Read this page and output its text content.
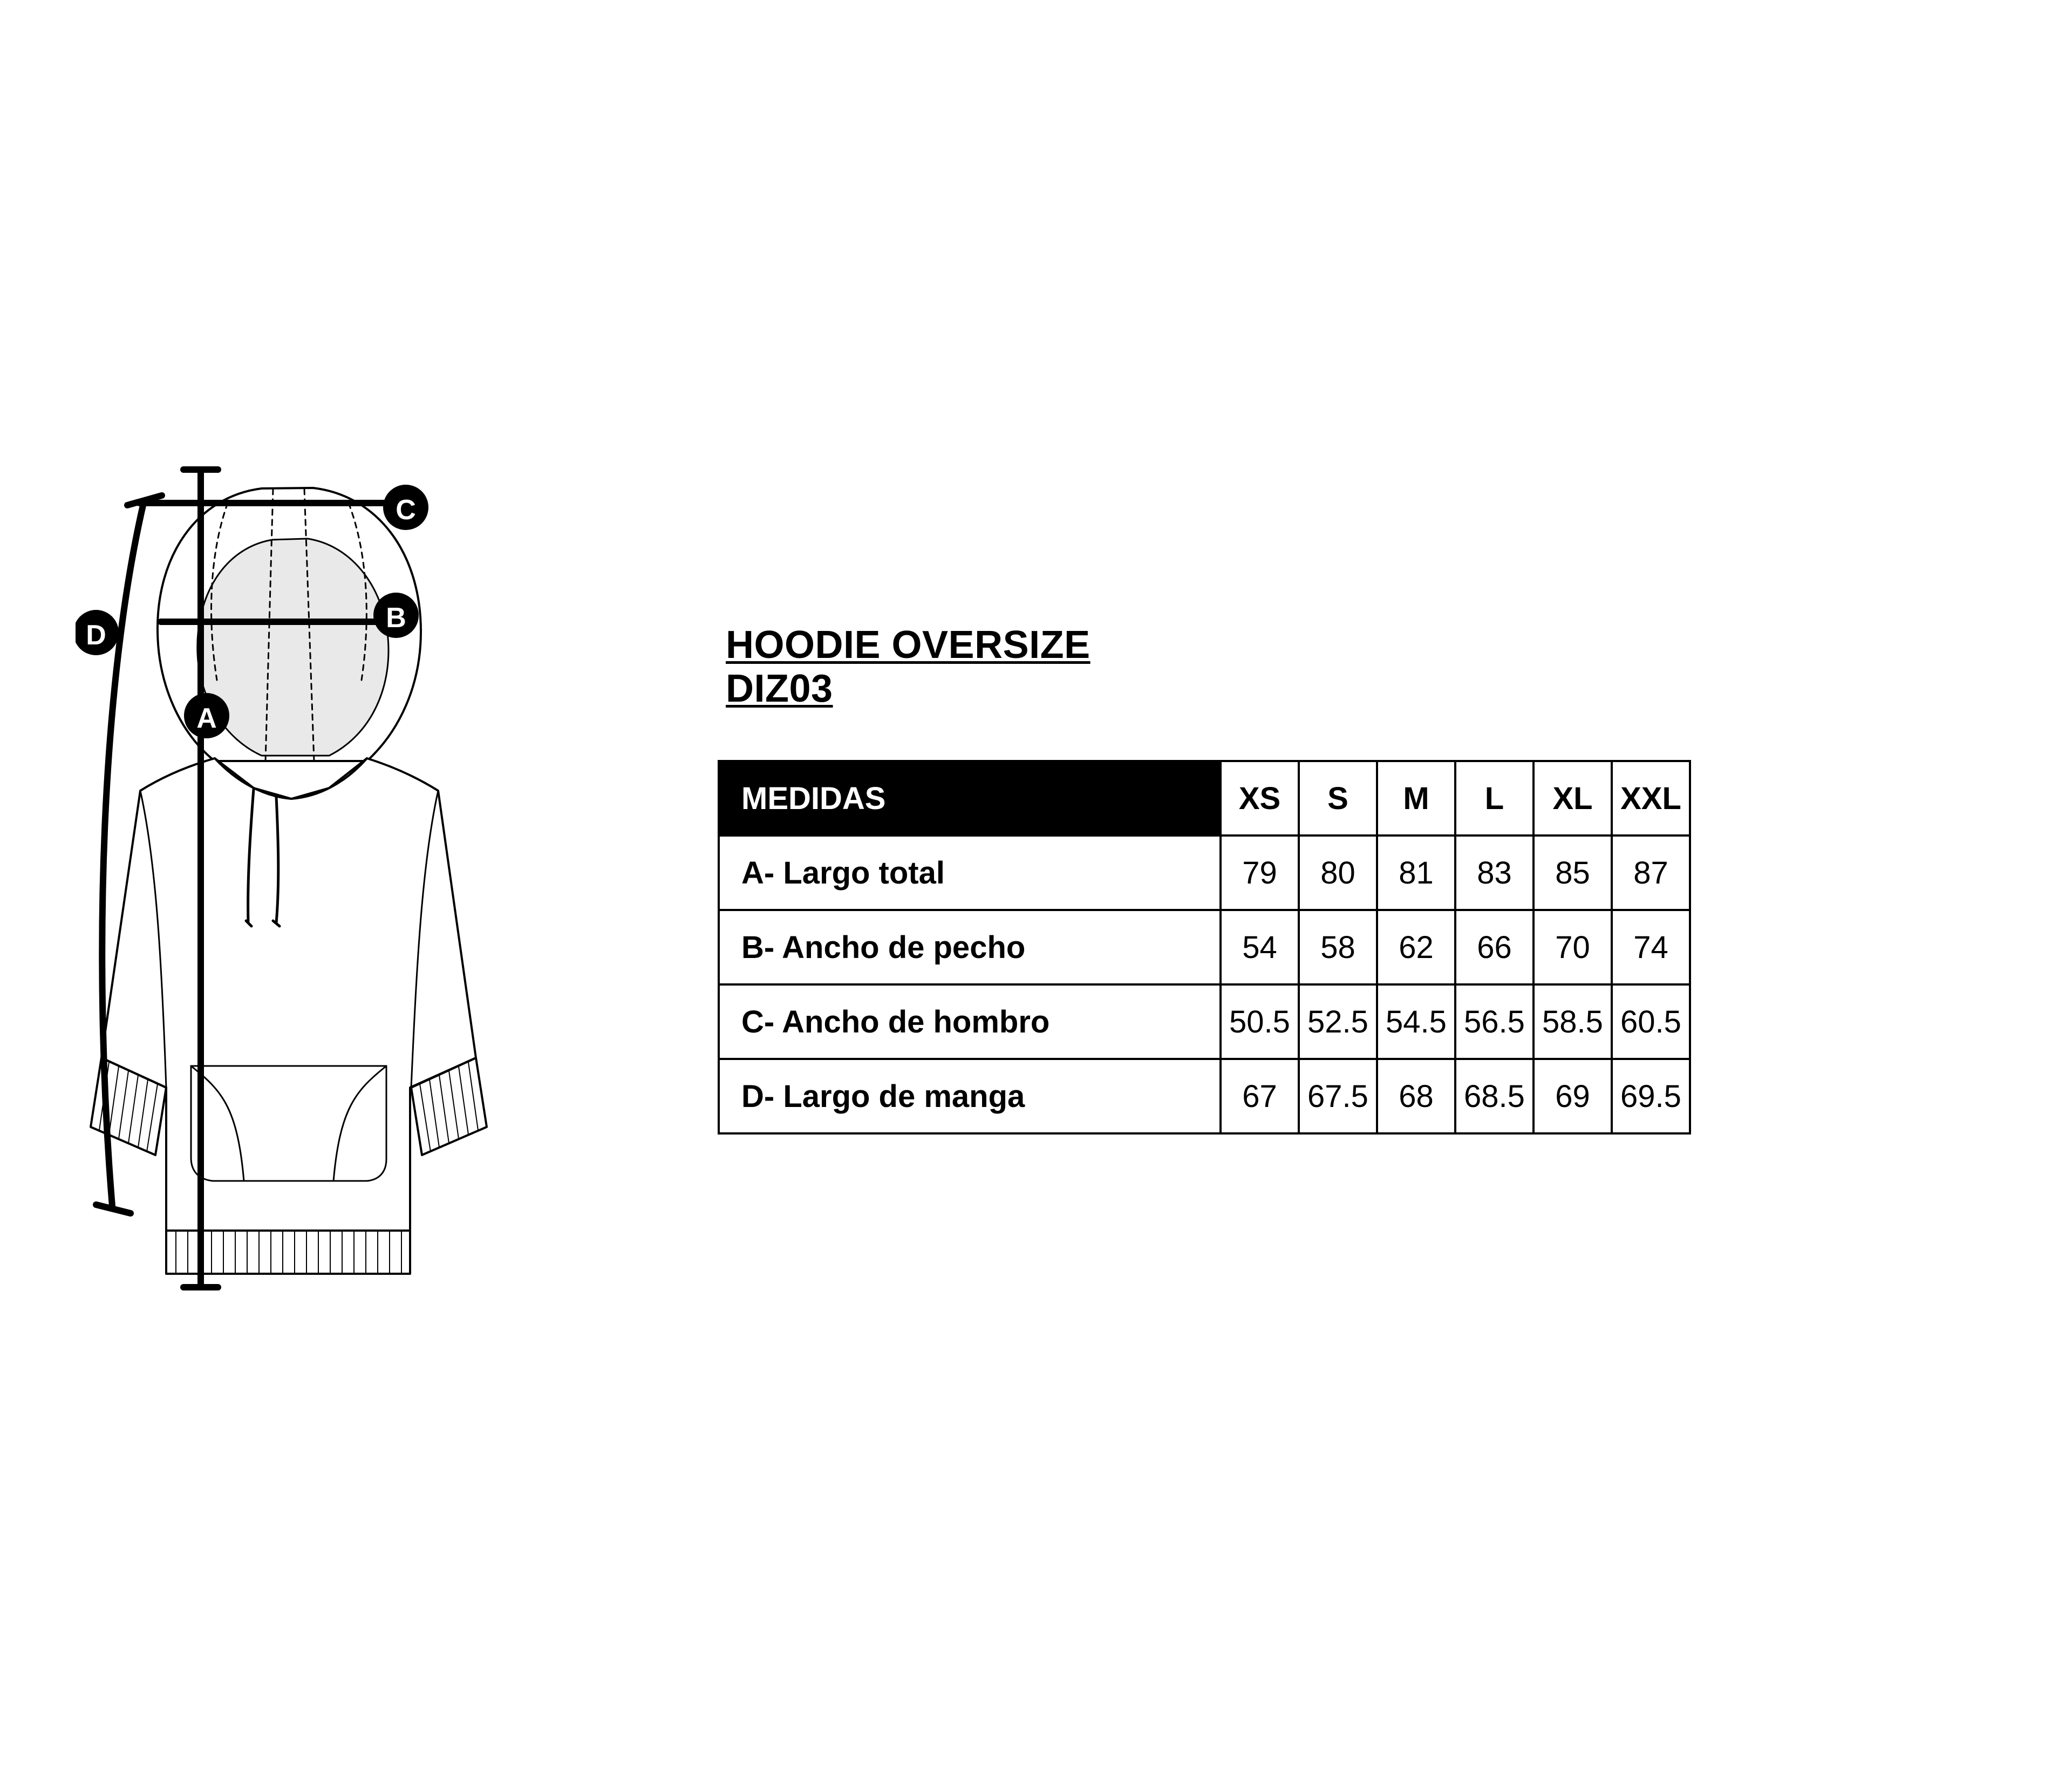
C
B
A
D	HOODIE OVERSIZE
DIZ03
MEDIDAS	XS	S	M	L	XL	XXL
A- Largo total	79	80	81	83	85	87
B- Ancho de pecho	54	58	62	66	70	74
C- Ancho de hombro	50.5	52.5	54.5	56.5	58.5	60.5
D- Largo de manga	67	67.5	68	68.5	69	69.5
